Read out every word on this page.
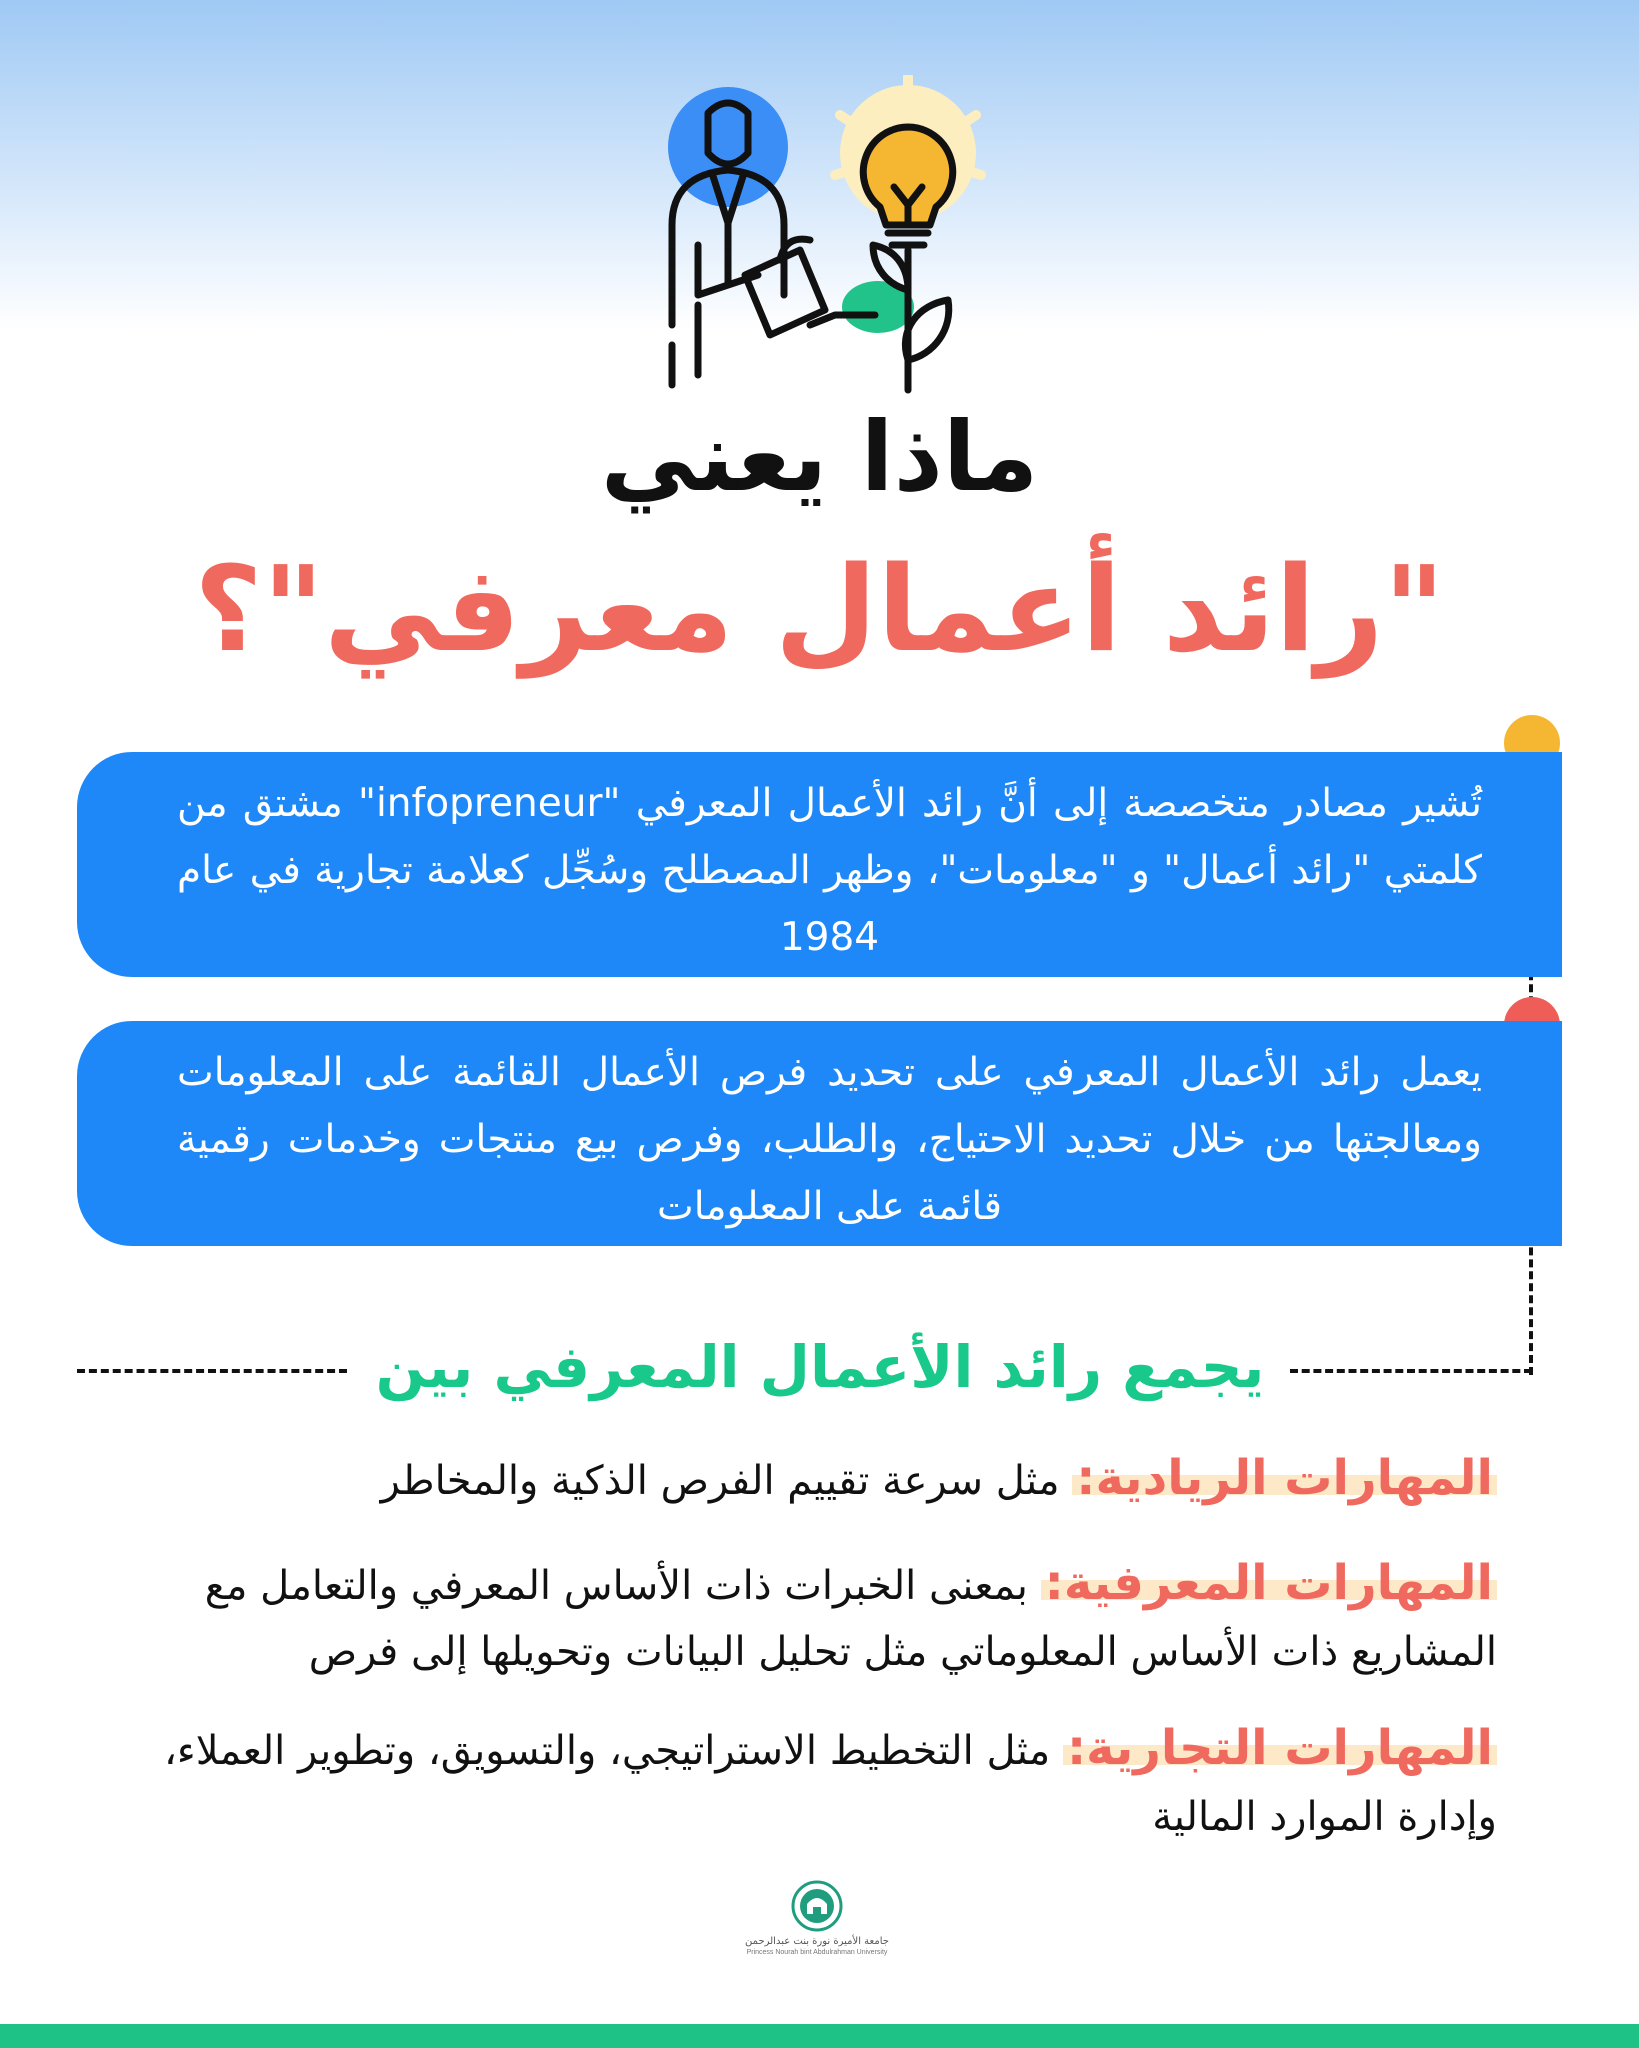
ماذا يعني
"رائد أعمال معرفي"؟
تُشير مصادر متخصصة إلى أنَّ رائد الأعمال المعرفي "infopreneur" مشتق من كلمتي "رائد أعمال" و "معلومات"، وظهر المصطلح وسُجِّل كعلامة تجارية في عام 1984
يعمل رائد الأعمال المعرفي على تحديد فرص الأعمال القائمة على المعلومات ومعالجتها من خلال تحديد الاحتياج، والطلب، وفرص بيع منتجات وخدمات رقمية قائمة على المعلومات
يجمع رائد الأعمال المعرفي بين
المهارات الريادية: مثل سرعة تقييم الفرص الذكية والمخاطر
المهارات المعرفية: بمعنى الخبرات ذات الأساس المعرفي والتعامل مع المشاريع ذات الأساس المعلوماتي مثل تحليل البيانات وتحويلها إلى فرص
المهارات التجارية: مثل التخطيط الاستراتيجي، والتسويق، وتطوير العملاء، وإدارة الموارد المالية
جامعة الأميرة نورة بنت عبدالرحمن
Princess Nourah bint Abdulrahman University
